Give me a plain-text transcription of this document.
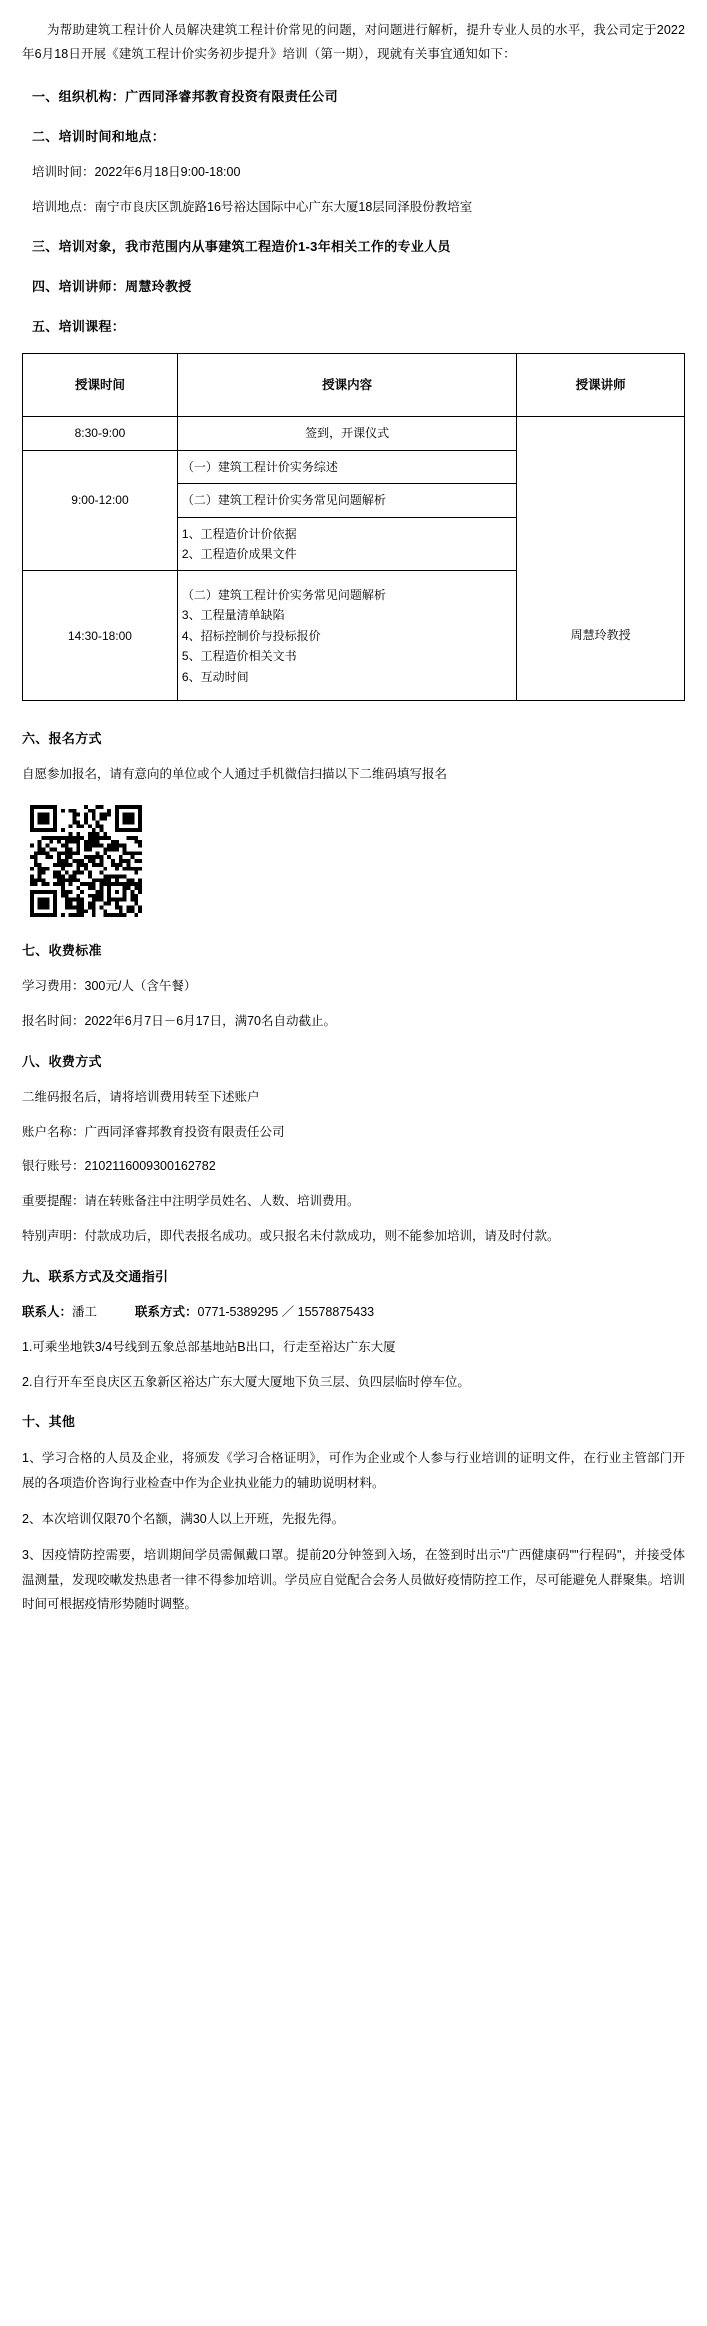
为帮助建筑工程计价人员解决建筑工程计价常见的问题，对问题进行解析，提升专业人员的水平，我公司定于2022年6月18日开展《建筑工程计价实务初步提升》培训（第一期），现就有关事宜通知如下：

一、组织机构：广西同泽睿邦教育投资有限责任公司
二、培训时间和地点：
培训时间：2022年6月18日9:00-18:00
培训地点：南宁市良庆区凯旋路16号裕达国际中心广东大厦18层同泽股份教培室
三、培训对象，我市范围内从事建筑工程造价1-3年相关工作的专业人员
四、培训讲师：周慧玲教授
五、培训课程：
授课时间	授课内容	授课讲师
8:30-9:00	签到，开课仪式	

	（一）建筑工程计价实务综述	

9:00-12:00	（二）建筑工程计价实务常见问题解析	

	1、工程造价计价依据
2、工程造价成果文件	

14:30-18:00	（二）建筑工程计价实务常见问题解析
3、工程量清单缺陷
4、招标控制价与投标报价
5、工程造价相关文书
6、互动时间	周慧玲教授
六、报名方式
自愿参加报名，请有意向的单位或个人通过手机微信扫描以下二维码填写报名
七、收费标准
学习费用：300元/人（含午餐）
报名时间：2022年6月7日－6月17日，满70名自动截止。
八、收费方式
二维码报名后，请将培训费用转至下述账户
账户名称：广西同泽睿邦教育投资有限责任公司
银行账号：2102116009300162782
重要提醒：请在转账备注中注明学员姓名、人数、培训费用。
特别声明：付款成功后，即代表报名成功。或只报名未付款成功，则不能参加培训，请及时付款。
九、联系方式及交通指引
联系人：潘工	联系方式：0771-5389295 ／ 15578875433
1.可乘坐地铁3/4号线到五象总部基地站B出口，行走至裕达广东大厦
2.自行开车至良庆区五象新区裕达广东大厦大厦地下负三层、负四层临时停车位。
十、其他
1、学习合格的人员及企业，将颁发《学习合格证明》，可作为企业或个人参与行业培训的证明文件，在行业主管部门开展的各项造价咨询行业检查中作为企业执业能力的辅助说明材料。
2、本次培训仅限70个名额，满30人以上开班，先报先得。
3、因疫情防控需要，培训期间学员需佩戴口罩。提前20分钟签到入场，在签到时出示"广西健康码""行程码"，并接受体温测量，发现咬嗽发热患者一律不得参加培训。学员应自觉配合会务人员做好疫情防控工作，尽可能避免人群聚集。培训时间可根据疫情形势随时调整。
